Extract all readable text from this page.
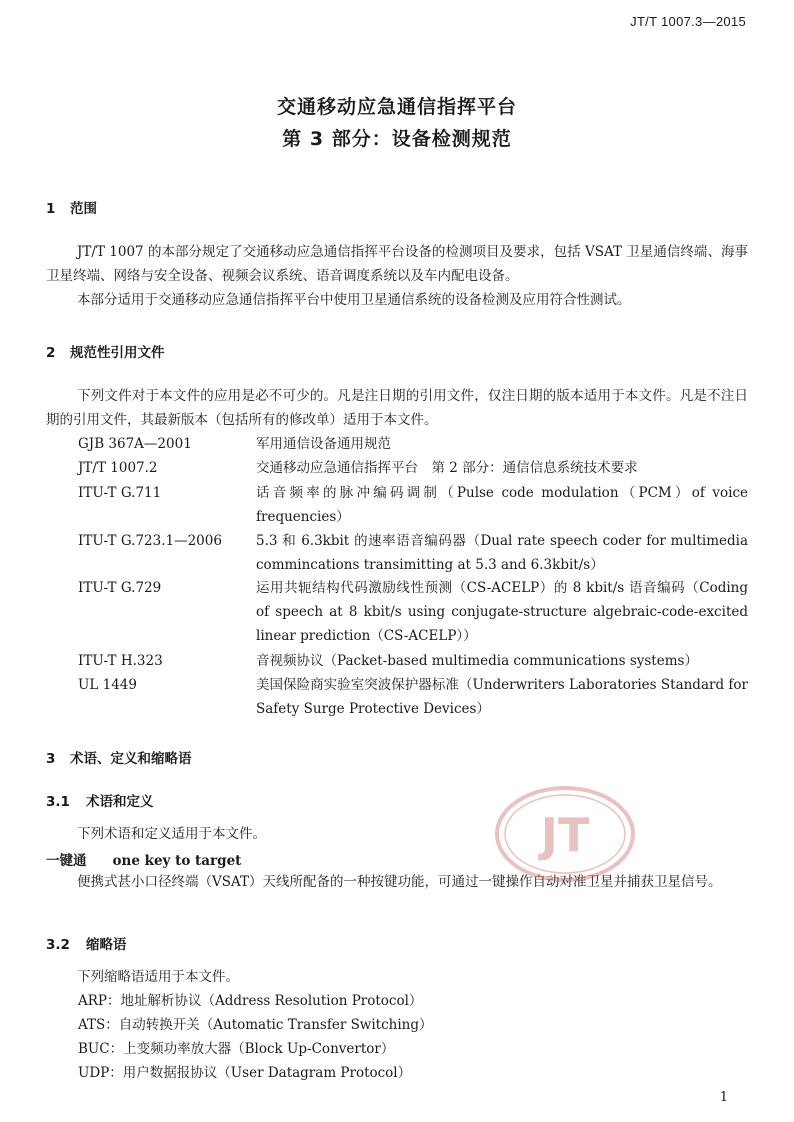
JT/T 1007.3—2015
交通移动应急通信指挥平台
第 3 部分：设备检测规范
1 范围
JT/T 1007 的本部分规定了交通移动应急通信指挥平台设备的检测项目及要求，包括 VSAT 卫星通信终端、海事卫星终端、网络与安全设备、视频会议系统、语音调度系统以及车内配电设备。
本部分适用于交通移动应急通信指挥平台中使用卫星通信系统的设备检测及应用符合性测试。
2 规范性引用文件
下列文件对于本文件的应用是必不可少的。凡是注日期的引用文件，仅注日期的版本适用于本文件。凡是不注日期的引用文件，其最新版本（包括所有的修改单）适用于本文件。
GJB 367A—2001	军用通信设备通用规范
JT/T 1007.2	交通移动应急通信指挥平台　第 2 部分：通信信息系统技术要求
ITU-T G.711	话音频率的脉冲编码调制（Pulse code modulation（PCM）of voice frequencies）
ITU-T G.723.1—2006	5.3 和 6.3kbit 的速率语音编码器（Dual rate speech coder for multimedia commincations transimitting at 5.3 and 6.3kbit/s）
ITU-T G.729	运用共轭结构代码激励线性预测（CS-ACELP）的 8 kbit/s 语音编码（Coding of speech at 8 kbit/s using conjugate-structure algebraic-code-excited linear prediction（CS-ACELP））
ITU-T H.323	音视频协议（Packet-based multimedia communications systems）
UL 1449	美国保险商实验室突波保护器标准（Underwriters Laboratories Standard for Safety Surge Protective Devices）
3 术语、定义和缩略语
3.1 术语和定义
下列术语和定义适用于本文件。
一键通 one key to target
便携式甚小口径终端（VSAT）天线所配备的一种按键功能，可通过一键操作自动对准卫星并捕获卫星信号。
3.2 缩略语
下列缩略语适用于本文件。
ARP：地址解析协议（Address Resolution Protocol）
ATS：自动转换开关（Automatic Transfer Switching）
BUC：上变频功率放大器（Block Up-Convertor）
UDP：用户数据报协议（User Datagram Protocol）
JT
1
